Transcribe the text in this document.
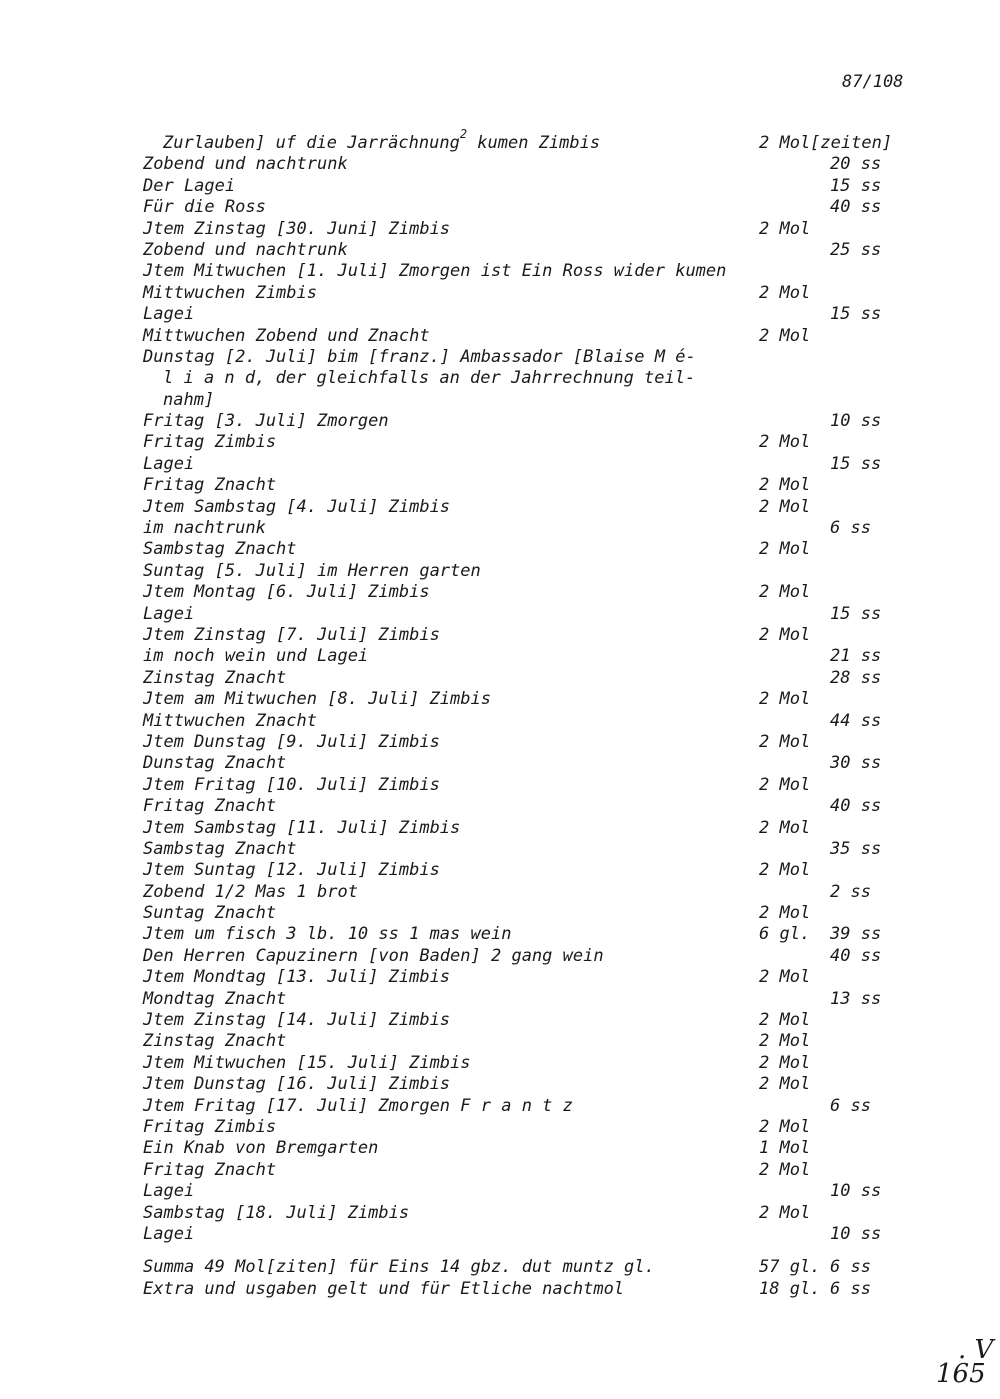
87/108
Zurlauben] uf die Jarrächnung$^2$ kumen Zimbis	2 Mol[zeiten]
Zobend und nachtrunk	20 ss
Der Lagei	15 ss
Für die Ross	40 ss
Jtem Zinstag [30. Juni] Zimbis	2 Mol
Zobend und nachtrunk	25 ss
Jtem Mitwuchen [1. Juli] Zmorgen ist Ein Ross wider kumen
Mittwuchen Zimbis	2 Mol
Lagei	15 ss
Mittwuchen Zobend und Znacht	2 Mol
Dunstag [2. Juli] bim [franz.] Ambassador [Blaise M é-
l i a n d, der gleichfalls an der Jahrrechnung teil-
nahm]
Fritag [3. Juli] Zmorgen	10 ss
Fritag Zimbis	2 Mol
Lagei	15 ss
Fritag Znacht	2 Mol
Jtem Sambstag [4. Juli] Zimbis	2 Mol
im nachtrunk	6 ss
Sambstag Znacht	2 Mol
Suntag [5. Juli] im Herren garten
Jtem Montag [6. Juli] Zimbis	2 Mol
Lagei	15 ss
Jtem Zinstag [7. Juli] Zimbis	2 Mol
im noch wein und Lagei	21 ss
Zinstag Znacht	28 ss
Jtem am Mitwuchen [8. Juli] Zimbis	2 Mol
Mittwuchen Znacht	44 ss
Jtem Dunstag [9. Juli] Zimbis	2 Mol
Dunstag Znacht	30 ss
Jtem Fritag [10. Juli] Zimbis	2 Mol
Fritag Znacht	40 ss
Jtem Sambstag [11. Juli] Zimbis	2 Mol
Sambstag Znacht	35 ss
Jtem Suntag [12. Juli] Zimbis	2 Mol
Zobend 1/2 Mas 1 brot	2 ss
Suntag Znacht	2 Mol
Jtem um fisch 3 lb. 10 ss 1 mas wein	6 gl. 39 ss
Den Herren Capuzinern [von Baden] 2 gang wein	40 ss
Jtem Mondtag [13. Juli] Zimbis	2 Mol
Mondtag Znacht	13 ss
Jtem Zinstag [14. Juli] Zimbis	2 Mol
Zinstag Znacht	2 Mol
Jtem Mitwuchen [15. Juli] Zimbis	2 Mol
Jtem Dunstag [16. Juli] Zimbis	2 Mol
Jtem Fritag [17. Juli] Zmorgen F r a n t z	6 ss
Fritag Zimbis	2 Mol
Ein Knab von Bremgarten	1 Mol
Fritag Znacht	2 Mol
Lagei	10 ss
Sambstag [18. Juli] Zimbis	2 Mol
Lagei	10 ss
Summa 49 Mol[ziten] für Eins 14 gbz. dut muntz gl.	57 gl. 6 ss
Extra und usgaben gelt und für Etliche nachtmol	18 gl. 6 ss
. V
165
